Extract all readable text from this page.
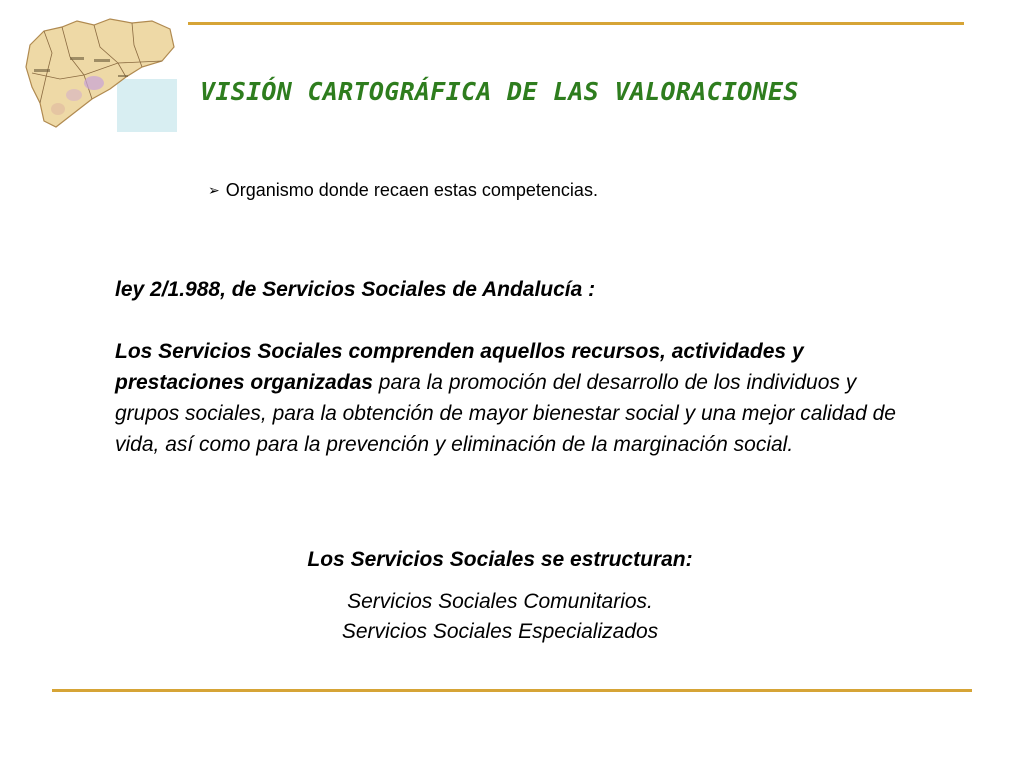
VISIÓN CARTOGRÁFICA DE LAS VALORACIONES
➢ Organismo donde recaen estas competencias.

ley 2/1.988, de Servicios Sociales de Andalucía :

Los Servicios Sociales comprenden aquellos recursos, actividades y prestaciones organizadas para la promoción del desarrollo de los individuos y grupos sociales, para la obtención de mayor bienestar social y una mejor calidad de vida, así como para la prevención y eliminación de la marginación social.

Los Servicios Sociales se estructuran:

Servicios Sociales Comunitarios.

Servicios Sociales Especializados
